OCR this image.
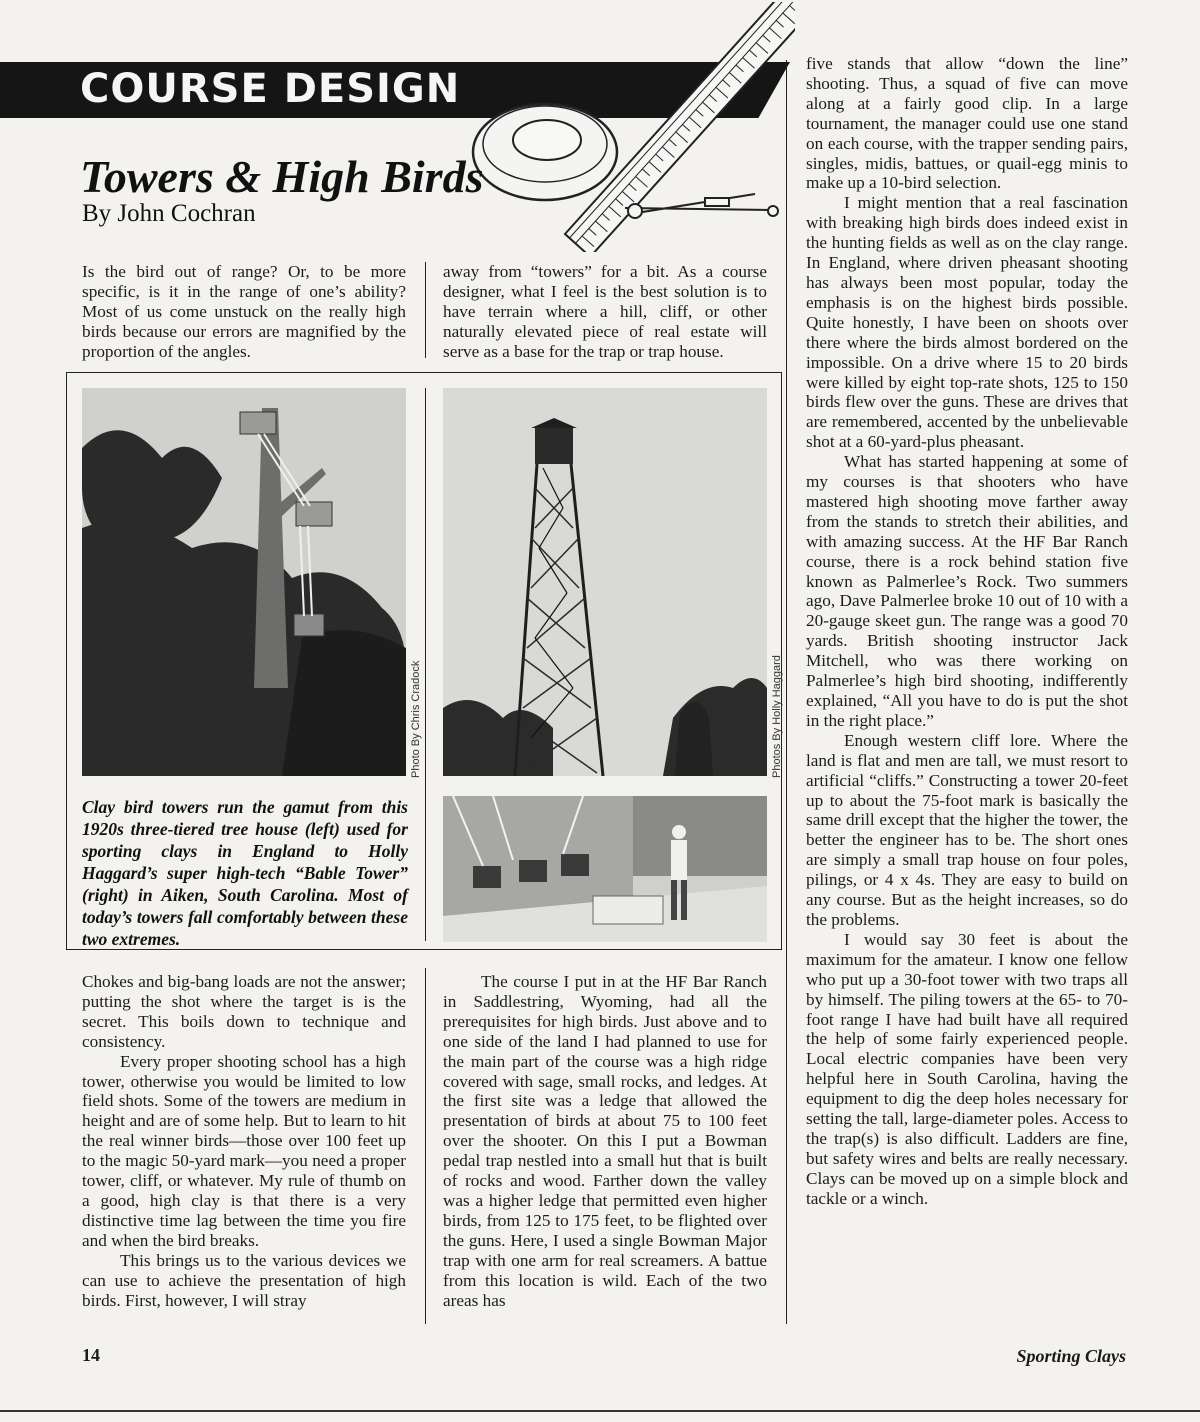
COURSE DESIGN
Towers & High Birds
By John Cochran

Is the bird out of range? Or, to be more specific, is it in the range of one’s ability? Most of us come unstuck on the really high birds because our errors are magnified by the proportion of the angles.

away from “towers” for a bit. As a course designer, what I feel is the best solution is to have terrain where a hill, cliff, or other naturally elevated piece of real estate will serve as a base for the trap or trap house.

Photo By Chris Cradock	Photos By Holly Haggard
Clay bird towers run the gamut from this 1920s three-tiered tree house (left) used for sporting clays in England to Holly Haggard’s super high-tech “Bable Tower” (right) in Aiken, South Carolina. Most of today’s towers fall comfortably between these two extremes.

Chokes and big-bang loads are not the answer; putting the shot where the target is is the secret. This boils down to technique and consistency.

Every proper shooting school has a high tower, otherwise you would be limited to low field shots. Some of the towers are medium in height and are of some help. But to learn to hit the real winner birds—those over 100 feet up to the magic 50-yard mark—you need a proper tower, cliff, or whatever. My rule of thumb on a good, high clay is that there is a very distinctive time lag between the time you fire and when the bird breaks.

This brings us to the various devices we can use to achieve the presentation of high birds. First, however, I will stray

The course I put in at the HF Bar Ranch in Saddlestring, Wyoming, had all the prerequisites for high birds. Just above and to one side of the land I had planned to use for the main part of the course was a high ridge covered with sage, small rocks, and ledges. At the first site was a ledge that allowed the presentation of birds at about 75 to 100 feet over the shooter. On this I put a Bowman pedal trap nestled into a small hut that is built of rocks and wood. Farther down the valley was a higher ledge that permitted even higher birds, from 125 to 175 feet, to be flighted over the guns. Here, I used a single Bowman Major trap with one arm for real screamers. A battue from this location is wild. Each of the two areas has

five stands that allow “down the line” shooting. Thus, a squad of five can move along at a fairly good clip. In a large tournament, the manager could use one stand on each course, with the trapper sending pairs, singles, midis, battues, or quail-egg minis to make up a 10-bird selection.

I might mention that a real fascination with breaking high birds does indeed exist in the hunting fields as well as on the clay range. In England, where driven pheasant shooting has always been most popular, today the emphasis is on the highest birds possible. Quite honestly, I have been on shoots over there where the birds almost bordered on the impossible. On a drive where 15 to 20 birds were killed by eight top-rate shots, 125 to 150 birds flew over the guns. These are drives that are remembered, accented by the unbelievable shot at a 60-yard-plus pheasant.

What has started happening at some of my courses is that shooters who have mastered high shooting move farther away from the stands to stretch their abilities, and with amazing success. At the HF Bar Ranch course, there is a rock behind station five known as Palmerlee’s Rock. Two summers ago, Dave Palmerlee broke 10 out of 10 with a 20-gauge skeet gun. The range was a good 70 yards. British shooting instructor Jack Mitchell, who was there working on Palmerlee’s high bird shooting, indifferently explained, “All you have to do is put the shot in the right place.”

Enough western cliff lore. Where the land is flat and men are tall, we must resort to artificial “cliffs.” Constructing a tower 20-feet up to about the 75-foot mark is basically the same drill except that the higher the tower, the better the engineer has to be. The short ones are simply a small trap house on four poles, pilings, or 4 x 4s. They are easy to build on any course. But as the height increases, so do the problems.

I would say 30 feet is about the maximum for the amateur. I know one fellow who put up a 30-foot tower with two traps all by himself. The piling towers at the 65- to 70-foot range I have had built have all required the help of some fairly experienced people. Local electric companies have been very helpful here in South Carolina, having the equipment to dig the deep holes necessary for setting the tall, large-diameter poles. Access to the trap(s) is also difficult. Ladders are fine, but safety wires and belts are really necessary. Clays can be moved up on a simple block and tackle or a winch.

14	Sporting Clays
